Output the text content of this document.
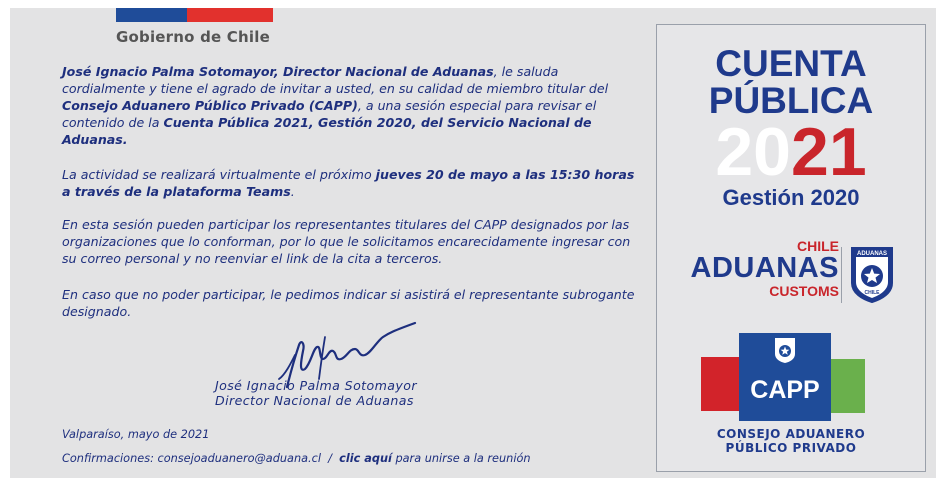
Gobierno de Chile
José Ignacio Palma Sotomayor, Director Nacional de Aduanas, le saluda cordialmente y tiene el agrado de invitar a usted, en su calidad de miembro titular del Consejo Aduanero Público Privado (CAPP), a una sesión especial para revisar el contenido de la Cuenta Pública 2021, Gestión 2020, del Servicio Nacional de Aduanas.
La actividad se realizará virtualmente el próximo jueves 20 de mayo a las 15:30 horas a través de la plataforma Teams.
En esta sesión pueden participar los representantes titulares del CAPP designados por las organizaciones que lo conforman, por lo que le solicitamos encarecidamente ingresar con su correo personal y no reenviar el link de la cita a terceros.
En caso que no poder participar, le pedimos indicar si asistirá el representante subrogante designado.
José Ignacio Palma Sotomayor
Director Nacional de Aduanas
Valparaíso, mayo de 2021
Confirmaciones: consejoaduanero@aduana.cl  /  clic aquí para unirse a la reunión
CUENTA
PÚBLICA
2021
Gestión 2020
CHILE
ADUANAS
CUSTOMS
ADUANAS
CHILE
CAPP
CONSEJO ADUANERO
PÚBLICO PRIVADO
